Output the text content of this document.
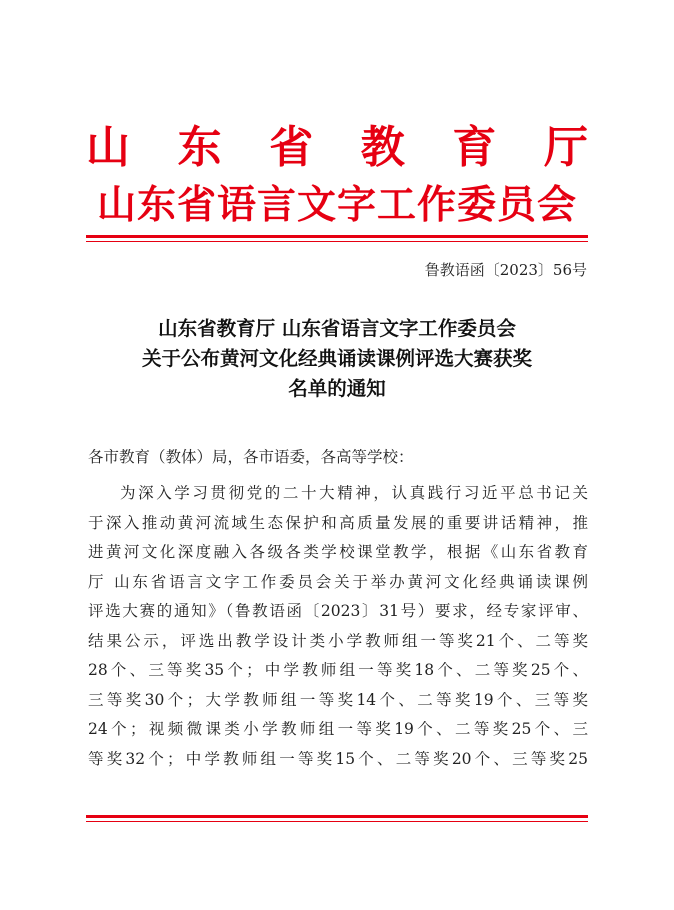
山 东 省 教 育 厅
山东省语言文字工作委员会
鲁教语函〔2023〕56号
山东省教育厅 山东省语言文字工作委员会
关于公布黄河文化经典诵读课例评选大赛获奖
名单的通知
各市教育（教体）局，各市语委，各高等学校：
为深入学习贯彻党的二十大精神，认真践行习近平总书记关
于深入推动黄河流域生态保护和高质量发展的重要讲话精神，推
进黄河文化深度融入各级各类学校课堂教学，根据《山东省教育
厅 山东省语言文字工作委员会关于举办黄河文化经典诵读课例
评选大赛的通知》（鲁教语函〔2023〕31号）要求，经专家评审、
结果公示，评选出教学设计类小学教师组一等奖21个、二等奖
28个、三等奖35个；中学教师组一等奖18个、二等奖25个、
三等奖30个；大学教师组一等奖14个、二等奖19个、三等奖
24个；视频微课类小学教师组一等奖19个、二等奖25个、三
等奖32个；中学教师组一等奖15个、二等奖20个、三等奖25
